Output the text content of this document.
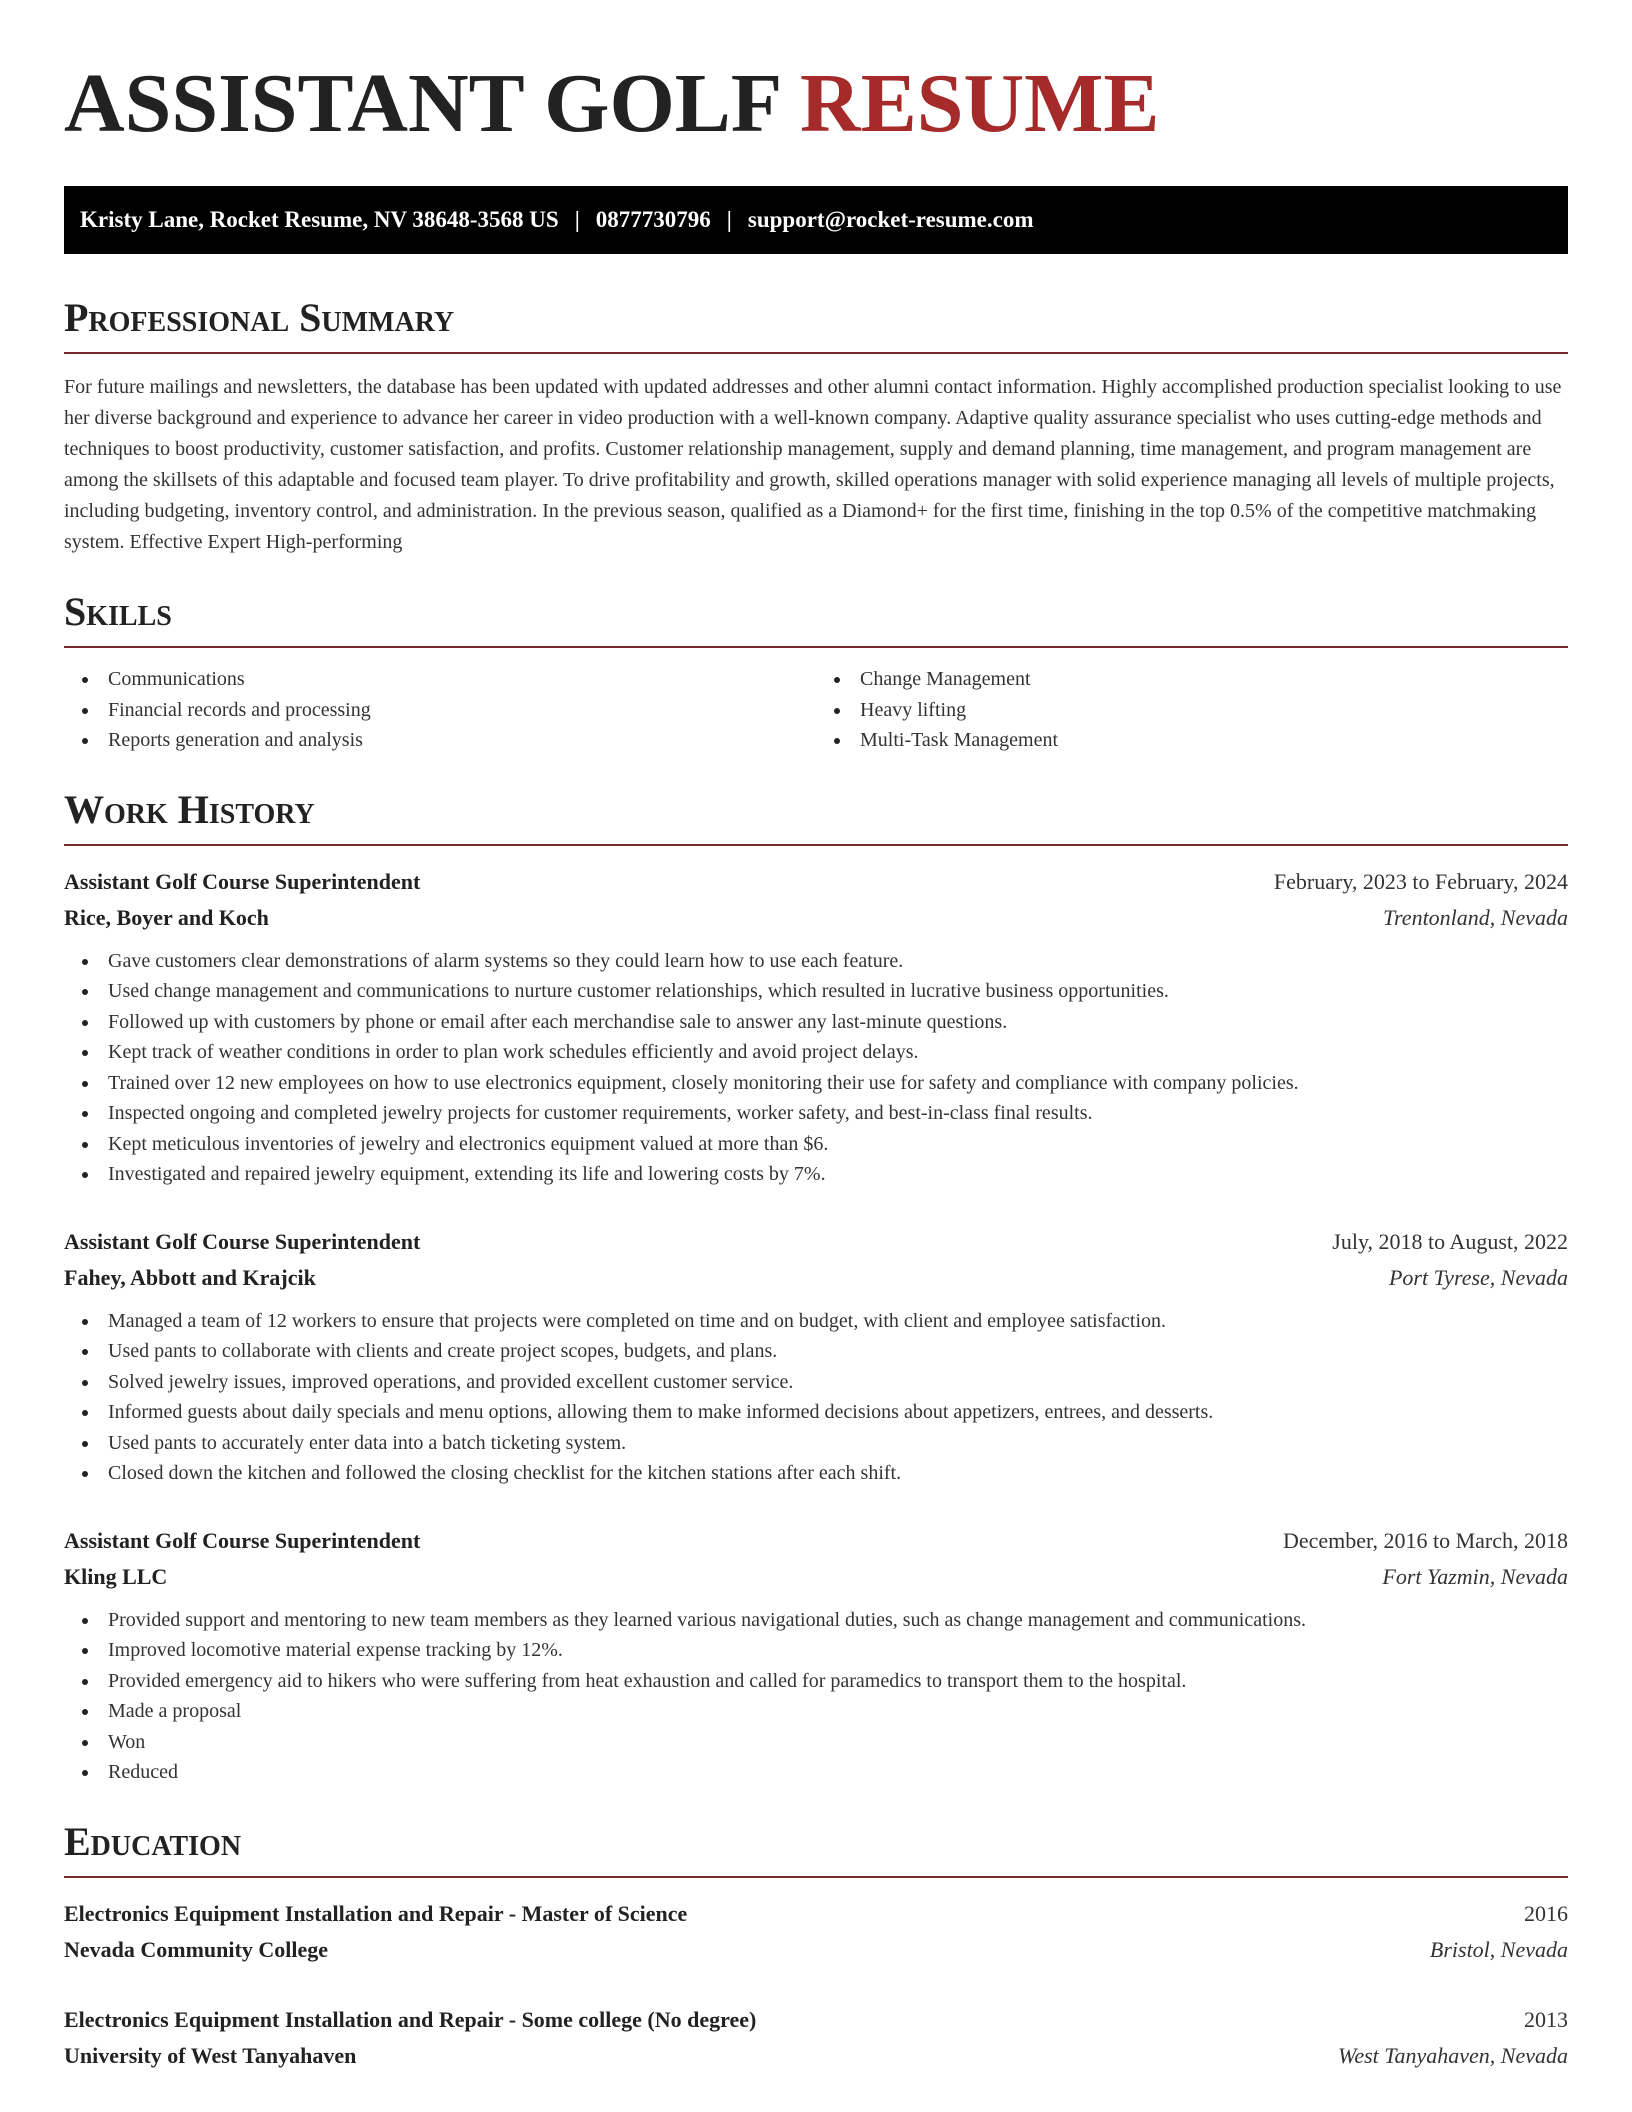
ASSISTANT GOLF RESUME
Kristy Lane, Rocket Resume, NV 38648-3568 US | 0877730796 | support@rocket-resume.com
Professional Summary

For future mailings and newsletters, the database has been updated with updated addresses and other alumni contact information. Highly accomplished production specialist looking to use her diverse background and experience to advance her career in video production with a well-known company. Adaptive quality assurance specialist who uses cutting-edge methods and techniques to boost productivity, customer satisfaction, and profits. Customer relationship management, supply and demand planning, time management, and program management are among the skillsets of this adaptable and focused team player. To drive profitability and growth, skilled operations manager with solid experience managing all levels of multiple projects, including budgeting, inventory control, and administration. In the previous season, qualified as a Diamond+ for the first time, finishing in the top 0.5% of the competitive matchmaking system. Effective Expert High-performing

Skills
Communications
Financial records and processing
Reports generation and analysis
Change Management
Heavy lifting
Multi-Task Management
Work History
Assistant Golf Course Superintendent	February, 2023 to February, 2024
Rice, Boyer and Koch	Trentonland, Nevada
Gave customers clear demonstrations of alarm systems so they could learn how to use each feature.
Used change management and communications to nurture customer relationships, which resulted in lucrative business opportunities.
Followed up with customers by phone or email after each merchandise sale to answer any last-minute questions.
Kept track of weather conditions in order to plan work schedules efficiently and avoid project delays.
Trained over 12 new employees on how to use electronics equipment, closely monitoring their use for safety and compliance with company policies.
Inspected ongoing and completed jewelry projects for customer requirements, worker safety, and best-in-class final results.
Kept meticulous inventories of jewelry and electronics equipment valued at more than $6.
Investigated and repaired jewelry equipment, extending its life and lowering costs by 7%.
Assistant Golf Course Superintendent	July, 2018 to August, 2022
Fahey, Abbott and Krajcik	Port Tyrese, Nevada
Managed a team of 12 workers to ensure that projects were completed on time and on budget, with client and employee satisfaction.
Used pants to collaborate with clients and create project scopes, budgets, and plans.
Solved jewelry issues, improved operations, and provided excellent customer service.
Informed guests about daily specials and menu options, allowing them to make informed decisions about appetizers, entrees, and desserts.
Used pants to accurately enter data into a batch ticketing system.
Closed down the kitchen and followed the closing checklist for the kitchen stations after each shift.
Assistant Golf Course Superintendent	December, 2016 to March, 2018
Kling LLC	Fort Yazmin, Nevada
Provided support and mentoring to new team members as they learned various navigational duties, such as change management and communications.
Improved locomotive material expense tracking by 12%.
Provided emergency aid to hikers who were suffering from heat exhaustion and called for paramedics to transport them to the hospital.
Made a proposal
Won
Reduced
Education
Electronics Equipment Installation and Repair - Master of Science	2016
Nevada Community College	Bristol, Nevada
Electronics Equipment Installation and Repair - Some college (No degree)	2013
University of West Tanyahaven	West Tanyahaven, Nevada
